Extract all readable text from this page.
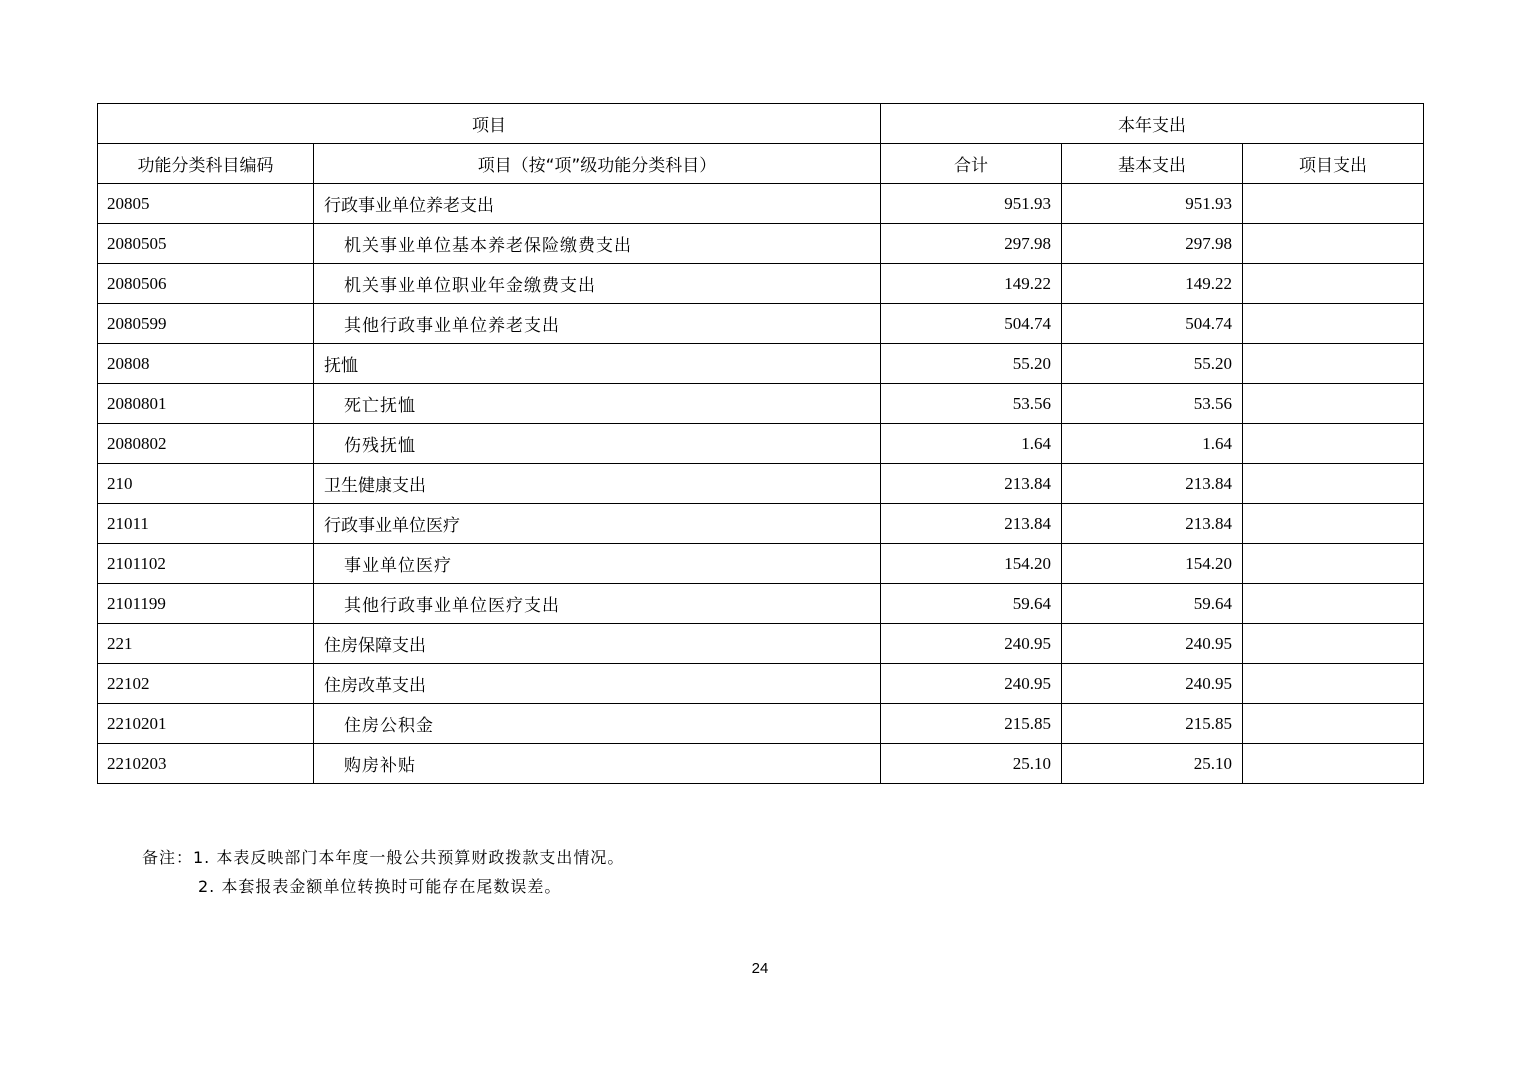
项目		本年支出		
功能分类科目编码	项目（按“项”级功能分类科目）	合计	基本支出	项目支出
20805	行政事业单位养老支出	951.93	951.93	
2080505	机关事业单位基本养老保险缴费支出	297.98	297.98	
2080506	机关事业单位职业年金缴费支出	149.22	149.22	
2080599	其他行政事业单位养老支出	504.74	504.74	
20808	抚恤	55.20	55.20	
2080801	死亡抚恤	53.56	53.56	
2080802	伤残抚恤	1.64	1.64	
210	卫生健康支出	213.84	213.84	
21011	行政事业单位医疗	213.84	213.84	
2101102	事业单位医疗	154.20	154.20	
2101199	其他行政事业单位医疗支出	59.64	59.64	
221	住房保障支出	240.95	240.95	
22102	住房改革支出	240.95	240.95	
2210201	住房公积金	215.85	215.85	
2210203	购房补贴	25.10	25.10	
备注：1. 本表反映部门本年度一般公共预算财政拨款支出情况。
2. 本套报表金额单位转换时可能存在尾数误差。
24
